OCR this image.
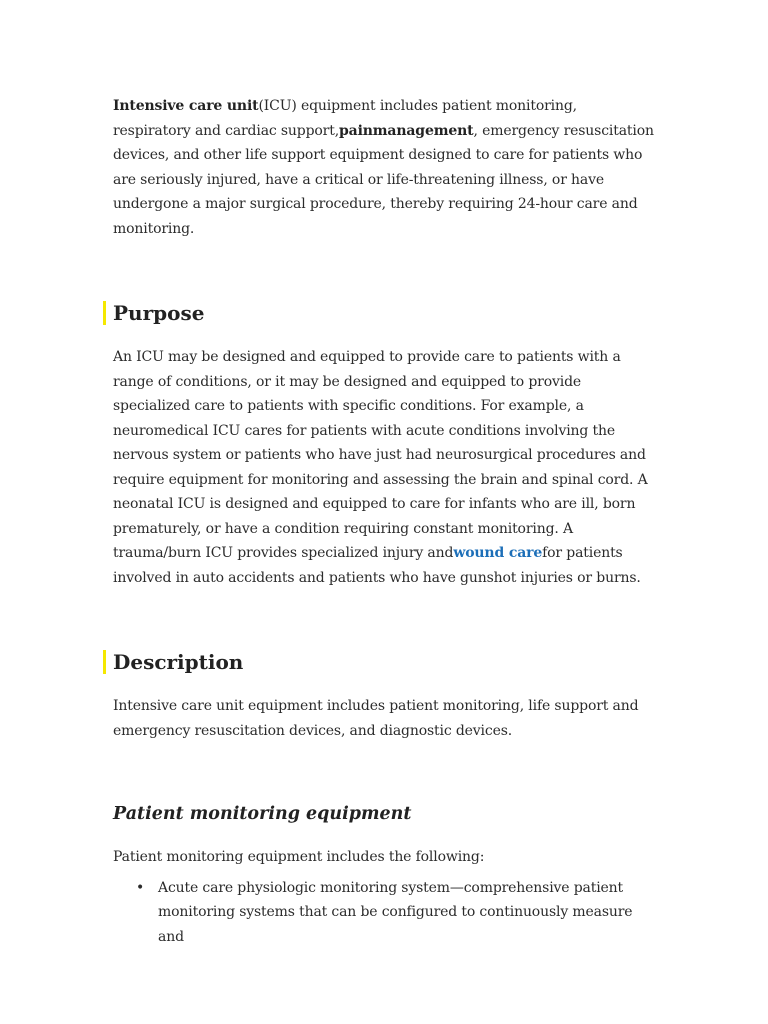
Intensive care unit(ICU) equipment includes patient monitoring, respiratory and cardiac support,painmanagement, emergency resuscitation devices, and other life support equipment designed to care for patients who are seriously injured, have a critical or life-threatening illness, or have undergone a major surgical procedure, thereby requiring 24-hour care and monitoring.

Purpose

An ICU may be designed and equipped to provide care to patients with a range of conditions, or it may be designed and equipped to provide specialized care to patients with specific conditions. For example, a neuromedical ICU cares for patients with acute conditions involving the nervous system or patients who have just had neurosurgical procedures and require equipment for monitoring and assessing the brain and spinal cord. A neonatal ICU is designed and equipped to care for infants who are ill, born prematurely, or have a condition requiring constant monitoring. A trauma/burn ICU provides specialized injury andwound carefor patients involved in auto accidents and patients who have gunshot injuries or burns.

Description

Intensive care unit equipment includes patient monitoring, life support and emergency resuscitation devices, and diagnostic devices.

Patient monitoring equipment

Patient monitoring equipment includes the following:

• Acute care physiologic monitoring system—comprehensive patient monitoring systems that can be configured to continuously measure and
